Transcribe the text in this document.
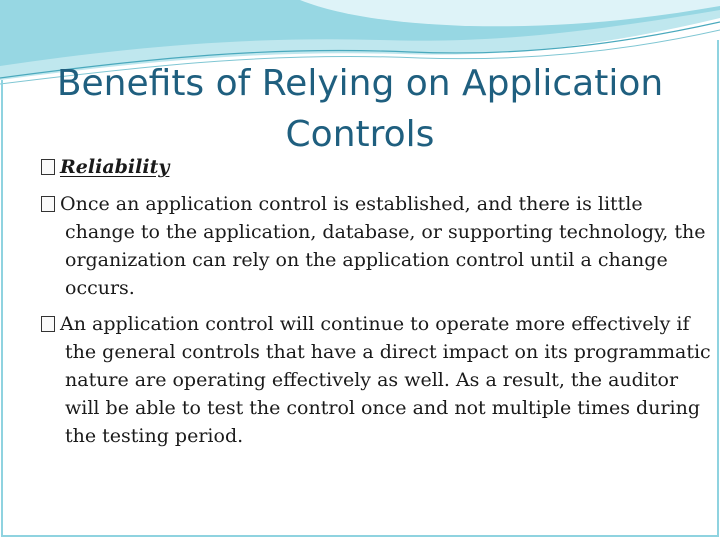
Benefits of Relying on Application Controls
Reliability

Once an application control is established, and there is little change to the application, database, or supporting technology, the organization can rely on the application control until a change occurs.

An application control will continue to operate more effectively if the general controls that have a direct impact on its programmatic nature are operating effectively as well. As a result, the auditor will be able to test the control once and not multiple times during the testing period.
